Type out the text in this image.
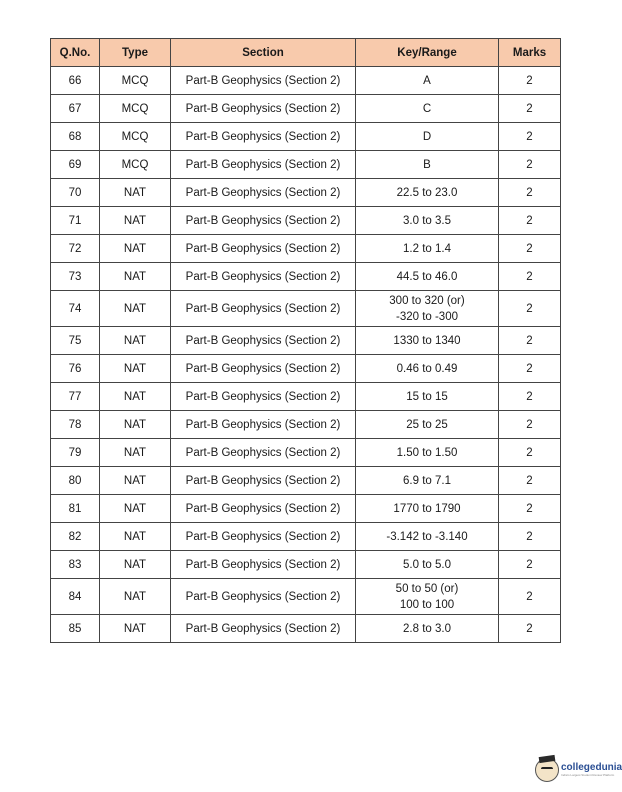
Q.No.	Type	Section	Key/Range	Marks
66	MCQ	Part-B Geophysics (Section 2)	A	2
67	MCQ	Part-B Geophysics (Section 2)	C	2
68	MCQ	Part-B Geophysics (Section 2)	D	2
69	MCQ	Part-B Geophysics (Section 2)	B	2
70	NAT	Part-B Geophysics (Section 2)	22.5 to 23.0	2
71	NAT	Part-B Geophysics (Section 2)	3.0 to 3.5	2
72	NAT	Part-B Geophysics (Section 2)	1.2 to 1.4	2
73	NAT	Part-B Geophysics (Section 2)	44.5 to 46.0	2
74	NAT	Part-B Geophysics (Section 2)	300 to 320 (or)
-320 to -300	2
75	NAT	Part-B Geophysics (Section 2)	1330 to 1340	2
76	NAT	Part-B Geophysics (Section 2)	0.46 to 0.49	2
77	NAT	Part-B Geophysics (Section 2)	15 to 15	2
78	NAT	Part-B Geophysics (Section 2)	25 to 25	2
79	NAT	Part-B Geophysics (Section 2)	1.50 to 1.50	2
80	NAT	Part-B Geophysics (Section 2)	6.9 to 7.1	2
81	NAT	Part-B Geophysics (Section 2)	1770 to 1790	2
82	NAT	Part-B Geophysics (Section 2)	-3.142 to -3.140	2
83	NAT	Part-B Geophysics (Section 2)	5.0 to 5.0	2
84	NAT	Part-B Geophysics (Section 2)	50 to 50 (or)
100 to 100	2
85	NAT	Part-B Geophysics (Section 2)	2.8 to 3.0	2
collegedunia
India's Largest Student Review Platform
